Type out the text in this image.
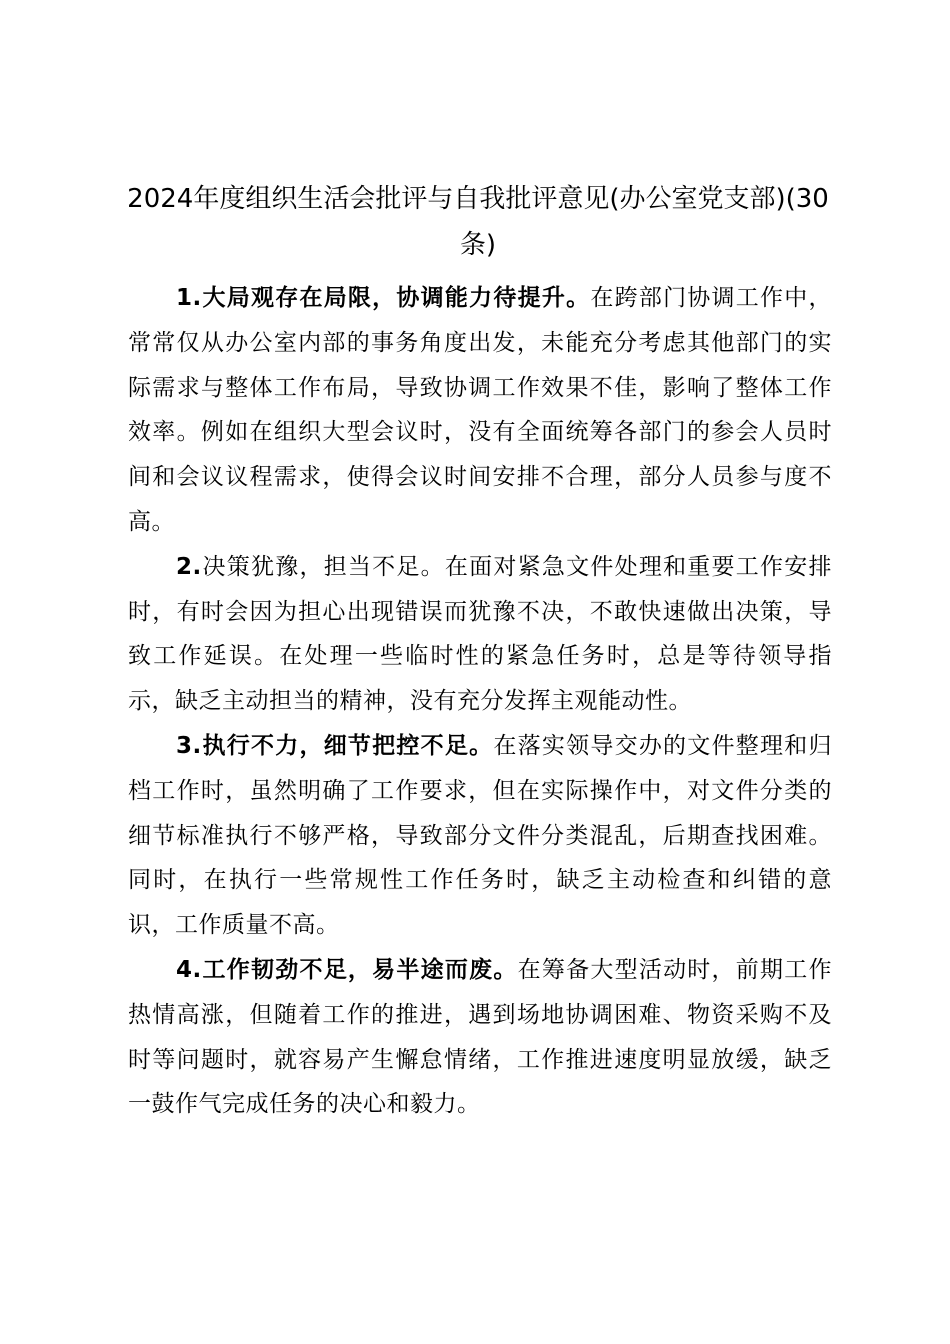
2024年度组织生活会批评与自我批评意见(办公室党支部)(30条)

1.大局观存在局限，协调能力待提升。在跨部门协调工作中，常常仅从办公室内部的事务角度出发，未能充分考虑其他部门的实际需求与整体工作布局，导致协调工作效果不佳，影响了整体工作效率。例如在组织大型会议时，没有全面统筹各部门的参会人员时间和会议议程需求，使得会议时间安排不合理，部分人员参与度不高。

2.决策犹豫，担当不足。在面对紧急文件处理和重要工作安排时，有时会因为担心出现错误而犹豫不决，不敢快速做出决策，导致工作延误。在处理一些临时性的紧急任务时，总是等待领导指示，缺乏主动担当的精神，没有充分发挥主观能动性。

3.执行不力，细节把控不足。在落实领导交办的文件整理和归档工作时，虽然明确了工作要求，但在实际操作中，对文件分类的细节标准执行不够严格，导致部分文件分类混乱，后期查找困难。同时，在执行一些常规性工作任务时，缺乏主动检查和纠错的意识，工作质量不高。

4.工作韧劲不足，易半途而废。在筹备大型活动时，前期工作热情高涨，但随着工作的推进，遇到场地协调困难、物资采购不及时等问题时，就容易产生懈怠情绪，工作推进速度明显放缓，缺乏一鼓作气完成任务的决心和毅力。
